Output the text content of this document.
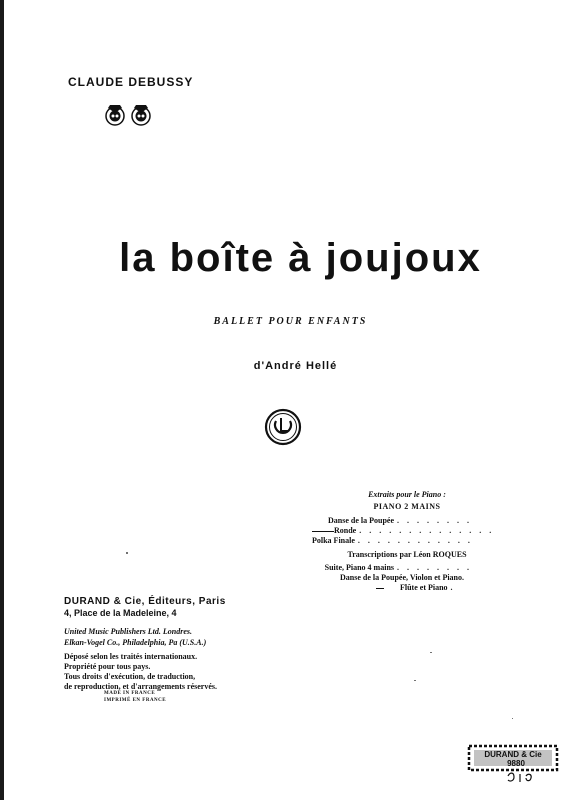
CLAUDE DEBUSSY
la boîte à joujoux
BALLET POUR ENFANTS
d'André Hellé
Extraits pour le Piano :
PIANO 2 MAINS
Danse de la Poupée . . . . . . . .
Ronde . . . . . . . . . . . . . .
Polka Finale . . . . . . . . . . . .
Transcriptions par Léon ROQUES
Suite, Piano 4 mains . . . . . . . .
Danse de la Poupée, Violon et Piano.
Flûte et Piano .
DURAND & Cie, Éditeurs, Paris
4, Place de la Madeleine, 4
United Music Publishers Ltd. Londres.
Elkan-Vogel Co., Philadelphia, Pa (U.S.A.)
Déposé selon les traités internationaux.
Propriété pour tous pays.
Tous droits d'exécution, de traduction,
de reproduction, et d'arrangements réservés.
MADE IN FRANCE
IMPRIMÉ EN FRANCE
DURAND & Cie
9880
